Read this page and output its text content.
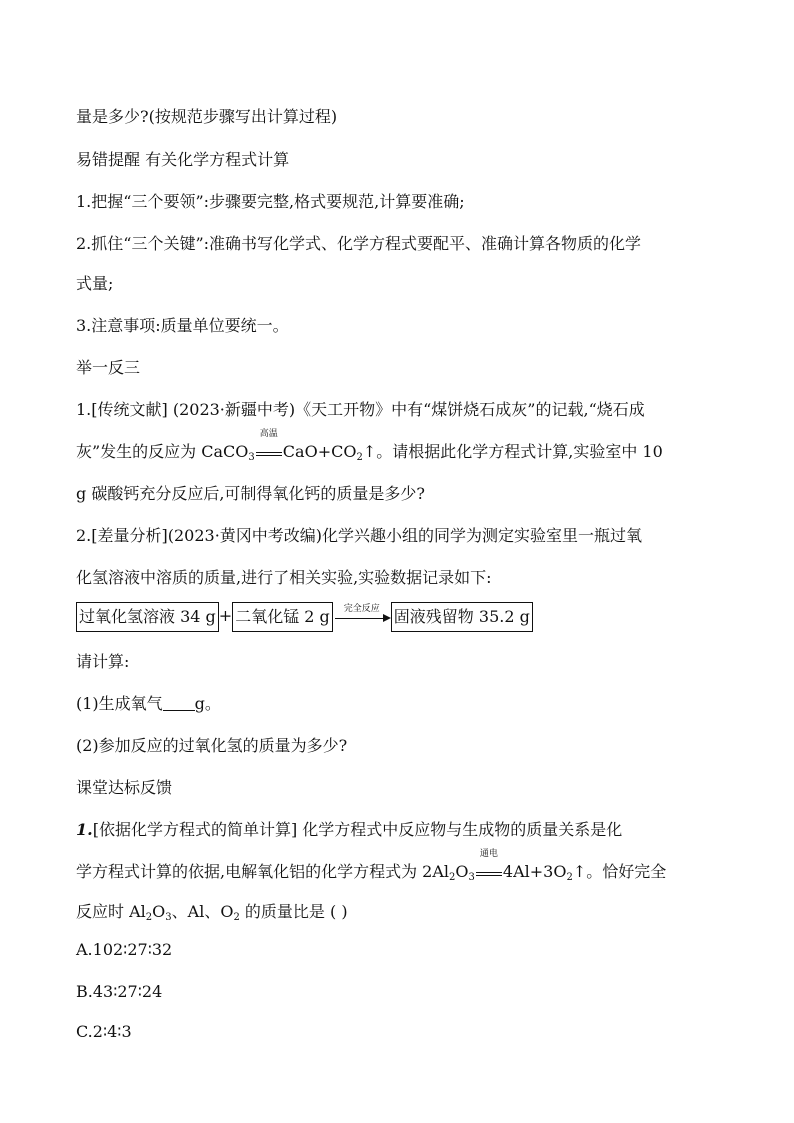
量是多少?(按规范步骤写出计算过程)
易错提醒 有关化学方程式计算
1.把握“三个要领”:步骤要完整,格式要规范,计算要准确;
2.抓住“三个关键”:准确书写化学式、化学方程式要配平、准确计算各物质的化学
式量;
3.注意事项:质量单位要统一。
举一反三
1.[传统文献] (2023·新疆中考)《天工开物》中有“煤饼烧石成灰”的记载,“烧石成
灰”发生的反应为 CaCO$_3$
高温
$CaO+CO_2↑$。请根据此化学方程式计算,实验室中 10
g 碳酸钙充分反应后,可制得氧化钙的质量是多少?
2.[差量分析](2023·黄冈中考改编)化学兴趣小组的同学为测定实验室里一瓶过氧
化氢溶液中溶质的质量,进行了相关实验,实验数据记录如下:
过氧化氢溶液 34 g + 二氧化锰 2 g	完全反应 固液残留物 35.2 g
请计算:
(1)生成氧气 g。
(2)参加反应的过氧化氢的质量为多少?
课堂达标反馈
1.[依据化学方程式的简单计算] 化学方程式中反应物与生成物的质量关系是化
学方程式计算的依据,电解氧化铝的化学方程式为 $2Al_2O_3$
通电
$4Al+3O_2↑$。恰好完全
反应时 $Al_2O_3$、Al、$O_2$ 的质量比是 ( )
A.102∶27∶32
B.43∶27∶24
C.2∶4∶3
